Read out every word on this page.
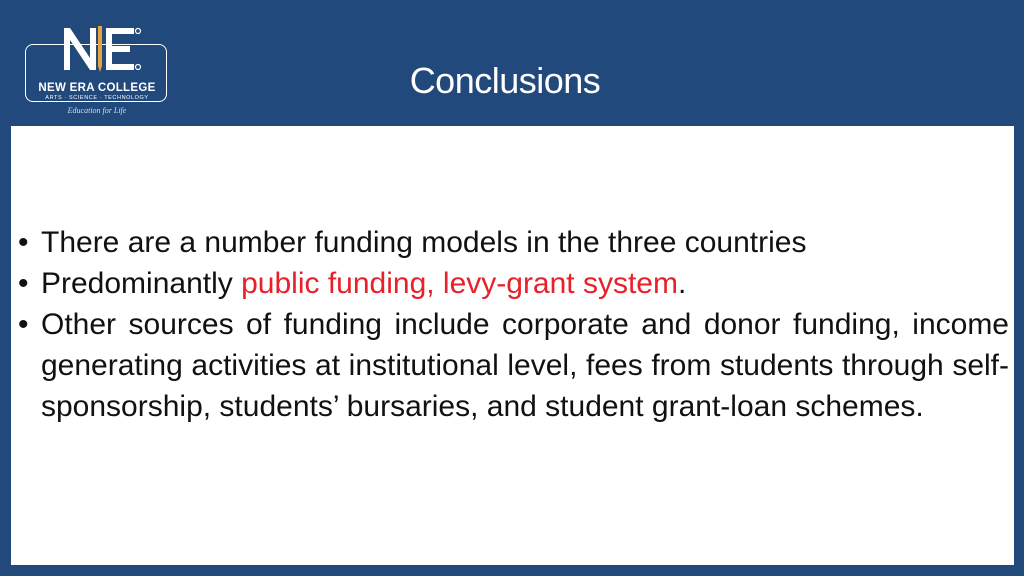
NEW ERA COLLEGE
ARTS · SCIENCE · TECHNOLOGY
Education for Life
Conclusions
• There are a number funding models in the three countries
• Predominantly public funding, levy-grant system.
• Other sources of funding include corporate and donor funding, income generating activities at institutional level, fees from students through self-sponsorship, students’ bursaries, and student grant-loan schemes.
